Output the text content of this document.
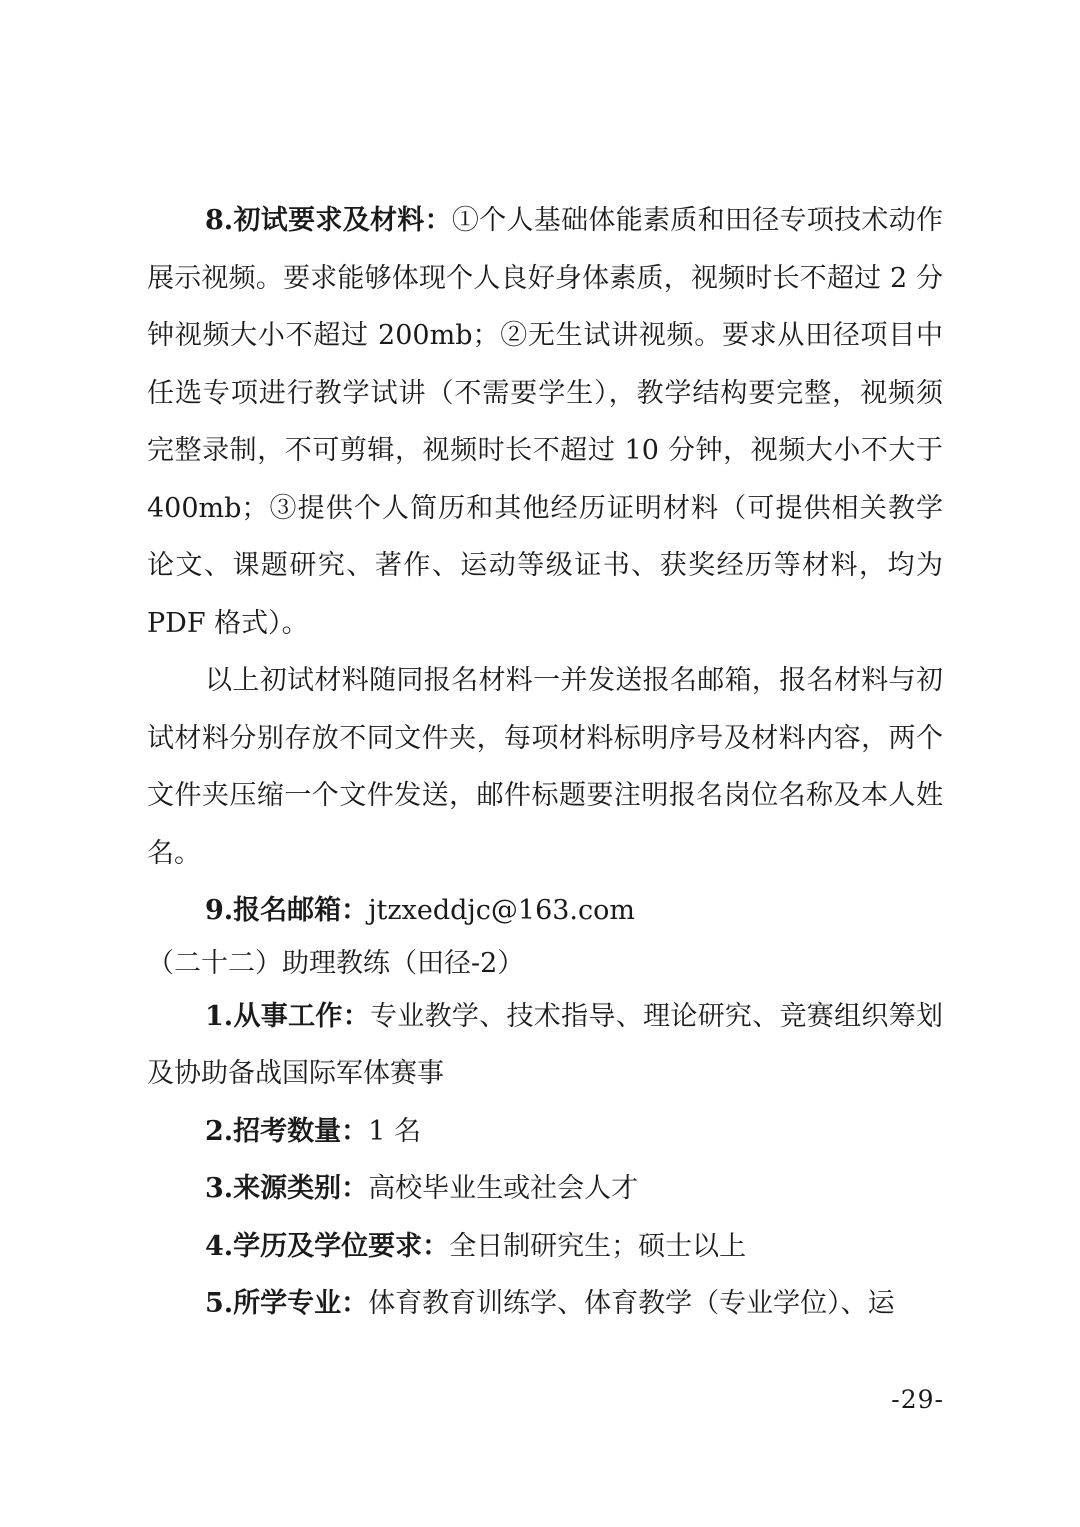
8.初试要求及材料：①个人基础体能素质和田径专项技术动作展示视频。要求能够体现个人良好身体素质，视频时长不超过 2 分钟视频大小不超过 200mb；②无生试讲视频。要求从田径项目中任选专项进行教学试讲（不需要学生），教学结构要完整，视频须完整录制，不可剪辑，视频时长不超过 10 分钟，视频大小不大于 400mb；③提供个人简历和其他经历证明材料（可提供相关教学论文、课题研究、著作、运动等级证书、获奖经历等材料，均为 PDF 格式）。

以上初试材料随同报名材料一并发送报名邮箱，报名材料与初试材料分别存放不同文件夹，每项材料标明序号及材料内容，两个文件夹压缩一个文件发送，邮件标题要注明报名岗位名称及本人姓名。

9.报名邮箱：jtzxeddjc@163.com

（二十二）助理教练（田径-2）

1.从事工作：专业教学、技术指导、理论研究、竞赛组织筹划及协助备战国际军体赛事

2.招考数量：1 名

3.来源类别：高校毕业生或社会人才

4.学历及学位要求：全日制研究生；硕士以上

5.所学专业：体育教育训练学、体育教学（专业学位）、运

-29-
